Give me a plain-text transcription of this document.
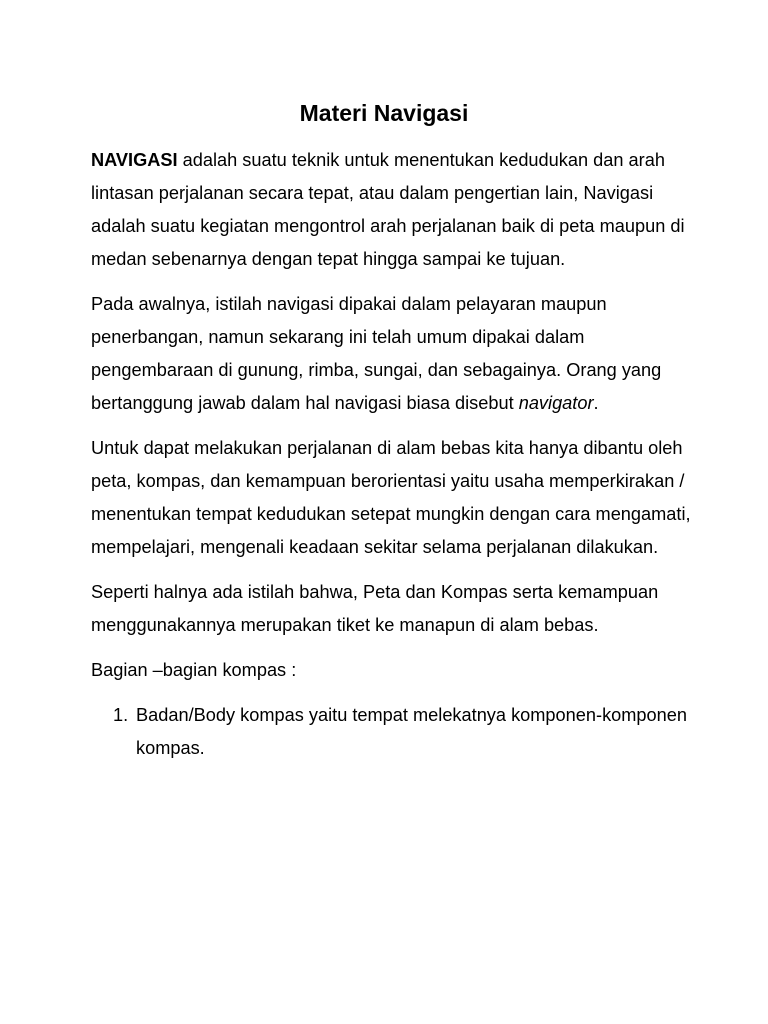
Materi Navigasi

NAVIGASI adalah suatu teknik untuk menentukan kedudukan dan arah lintasan perjalanan secara tepat, atau dalam pengertian lain, Navigasi adalah suatu kegiatan mengontrol arah perjalanan baik di peta maupun di medan sebenarnya dengan tepat hingga sampai ke tujuan.

Pada awalnya, istilah navigasi dipakai dalam pelayaran maupun penerbangan, namun sekarang ini telah umum dipakai dalam pengembaraan di gunung, rimba, sungai, dan sebagainya. Orang yang bertanggung jawab dalam hal navigasi biasa disebut navigator.

Untuk dapat melakukan perjalanan di alam bebas kita hanya dibantu oleh peta, kompas, dan kemampuan berorientasi yaitu usaha memperkirakan / menentukan tempat kedudukan setepat mungkin dengan cara mengamati, mempelajari, mengenali keadaan sekitar selama perjalanan dilakukan.

Seperti halnya ada istilah bahwa, Peta dan Kompas serta kemampuan menggunakannya merupakan tiket ke manapun di alam bebas.

Bagian –bagian kompas :

1. Badan/Body kompas yaitu tempat melekatnya komponen-komponen kompas.
